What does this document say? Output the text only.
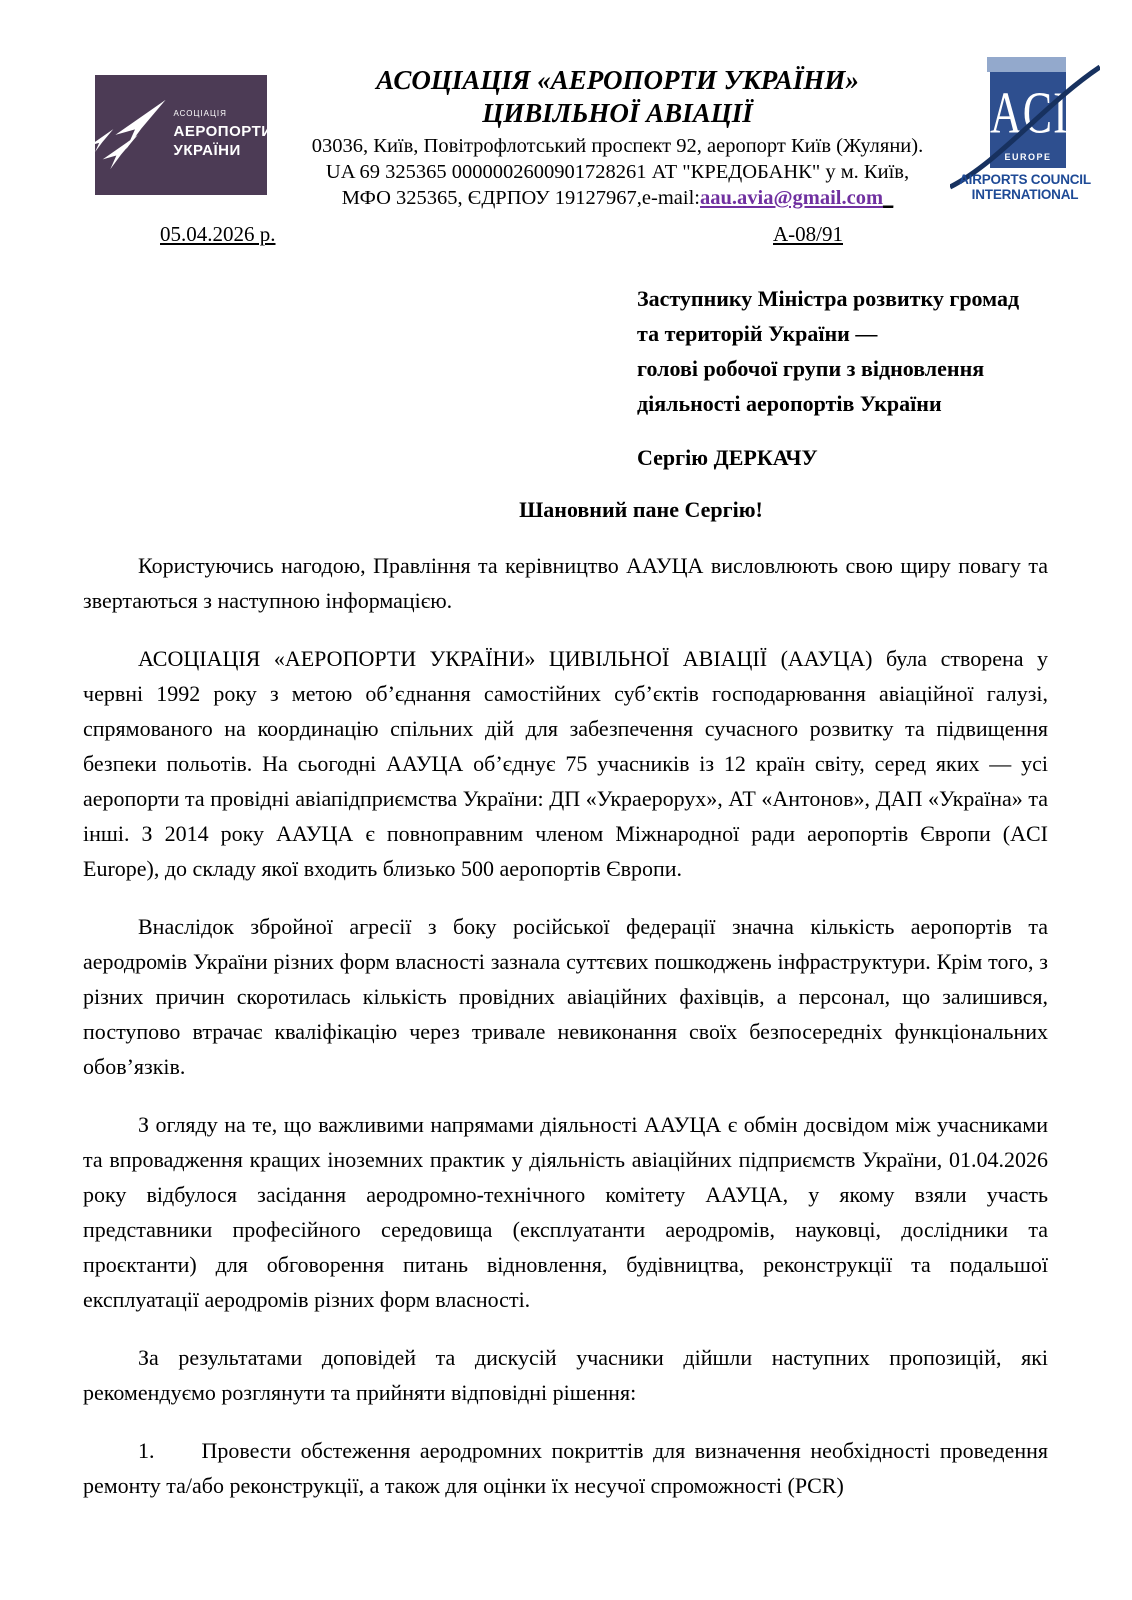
АСОЦІАЦІЯ
АЕРОПОРТИ
УКРАЇНИ
АСОЦІАЦІЯ «АЕРОПОРТИ УКРАЇНИ»
ЦИВІЛЬНОЇ АВІАЦІЇ
03036, Київ, Повітрофлотський проспект 92, аеропорт Київ (Жуляни).
UA 69 325365 0000002600901728261 АТ "КРЕДОБАНК" у м. Київ,
МФО 325365, ЄДРПОУ 19127967,e-mail:aau.avia@gmail.com_
ACI
EUROPE
AIRPORTS COUNCIL
INTERNATIONAL
05.04.2026 р.	А-08/91
Заступнику Міністра розвитку громад
та територій України —
голові робочої групи з відновлення
діяльності аеропортів України
Сергію ДЕРКАЧУ
Шановний пане Сергію!

Користуючись нагодою, Правління та керівництво ААУЦА висловлюють свою щиру повагу та звертаються з наступною інформацією.

АСОЦІАЦІЯ «АЕРОПОРТИ УКРАЇНИ» ЦИВІЛЬНОЇ АВІАЦІЇ (ААУЦА) була створена у червні 1992 року з метою об’єднання самостійних суб’єктів господарювання авіаційної галузі, спрямованого на координацію спільних дій для забезпечення сучасного розвитку та підвищення безпеки польотів. На сьогодні ААУЦА об’єднує 75 учасників із 12 країн світу, серед яких — усі аеропорти та провідні авіапідприємства України: ДП «Украерорух», АТ «Антонов», ДАП «Україна» та інші. З 2014 року ААУЦА є повноправним членом Міжнародної ради аеропортів Європи (ACI Europe), до складу якої входить близько 500 аеропортів Європи.

Внаслідок збройної агресії з боку російської федерації значна кількість аеропортів та аеродромів України різних форм власності зазнала суттєвих пошкоджень інфраструктури. Крім того, з різних причин скоротилась кількість провідних авіаційних фахівців, а персонал, що залишився, поступово втрачає кваліфікацію через тривале невиконання своїх безпосередніх функціональних обов’язків.

З огляду на те, що важливими напрямами діяльності ААУЦА є обмін досвідом між учасниками та впровадження кращих іноземних практик у діяльність авіаційних підприємств України, 01.04.2026 року відбулося засідання аеродромно-технічного комітету ААУЦА, у якому взяли участь представники професійного середовища (експлуатанти аеродромів, науковці, дослідники та проєктанти) для обговорення питань відновлення, будівництва, реконструкції та подальшої експлуатації аеродромів різних форм власності.

За результатами доповідей та дискусій учасники дійшли наступних пропозицій, які рекомендуємо розглянути та прийняти відповідні рішення:

1. Провести обстеження аеродромних покриттів для визначення необхідності проведення ремонту та/або реконструкції, а також для оцінки їх несучої спроможності (PCR)
